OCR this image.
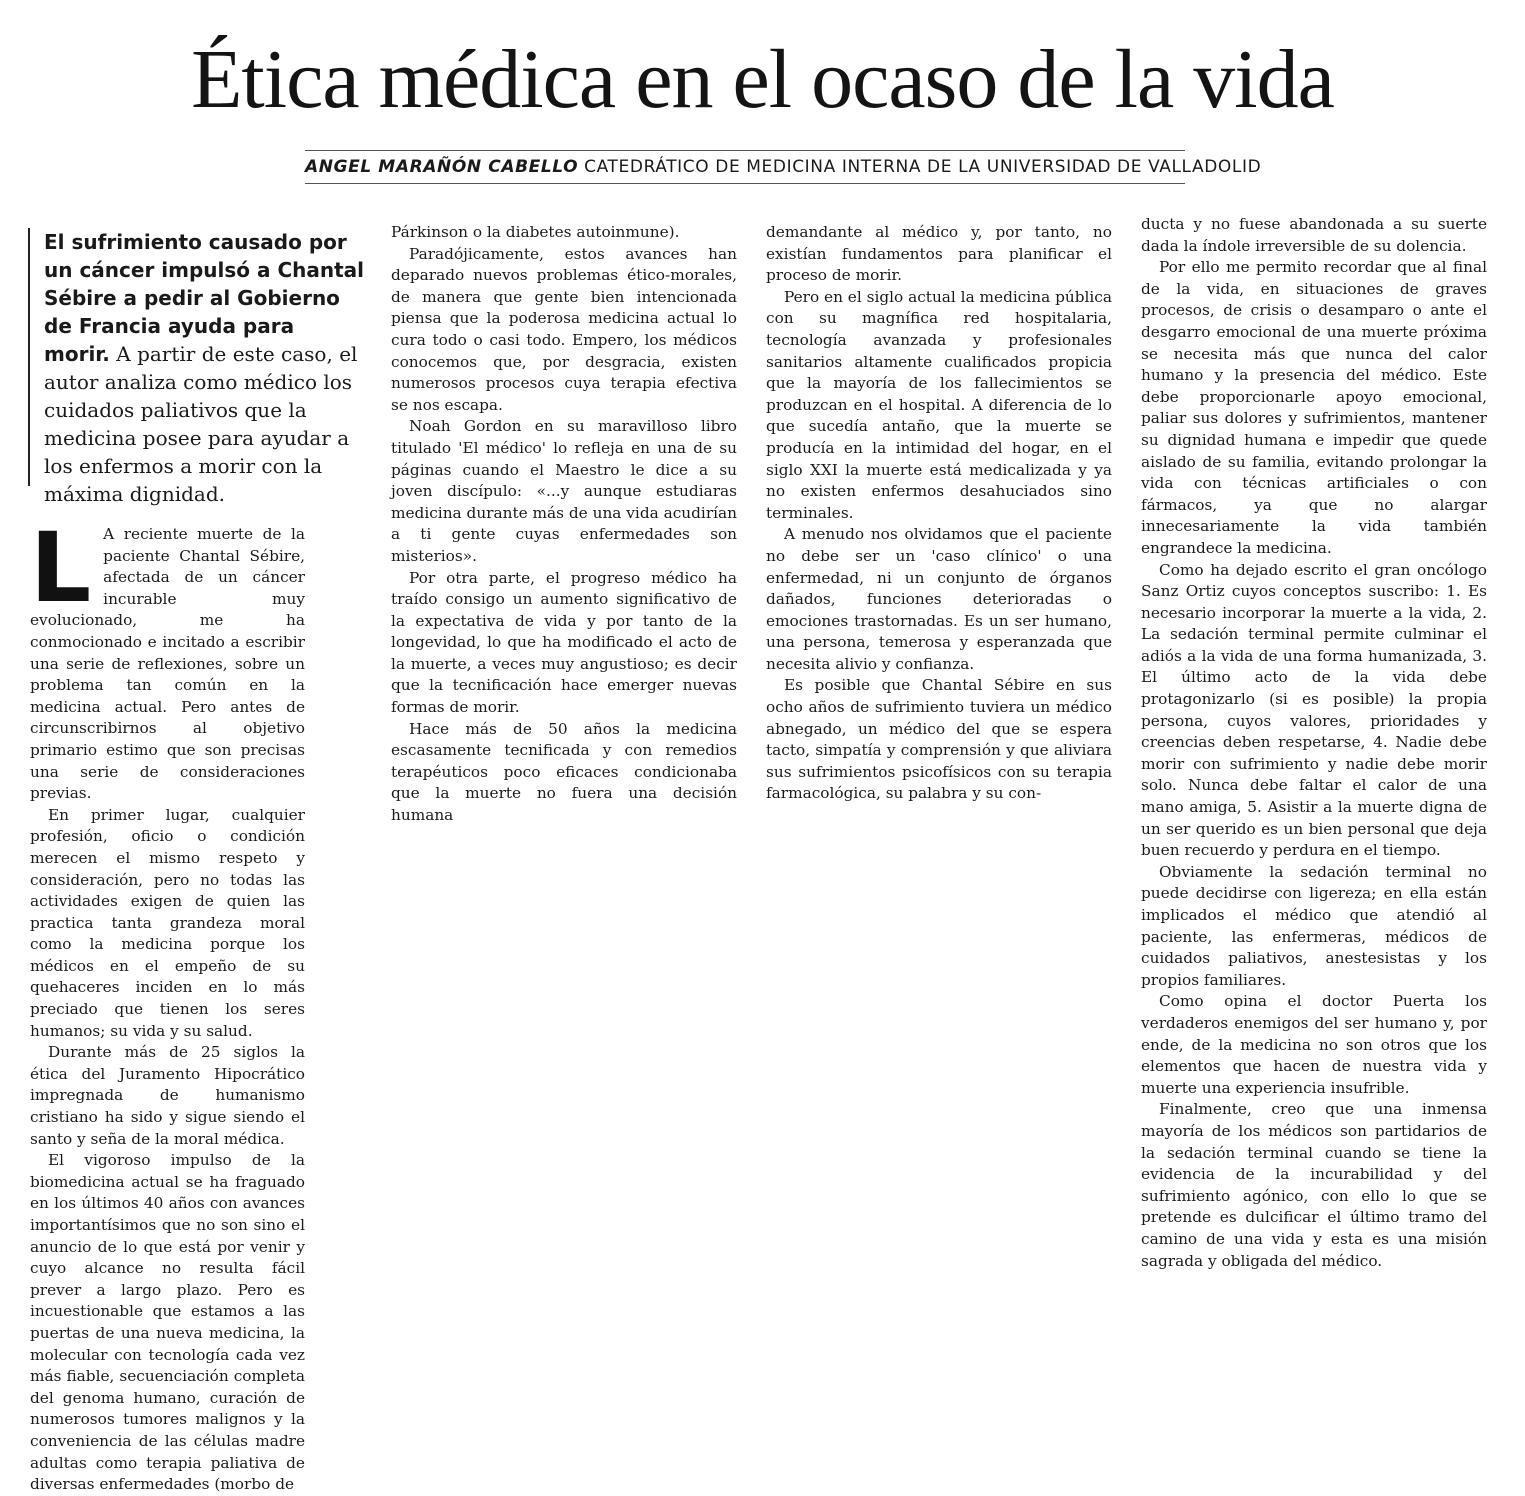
Ética médica en el ocaso de la vida
ANGEL MARAÑÓN CABELLO CATEDRÁTICO DE MEDICINA INTERNA DE LA UNIVERSIDAD DE VALLADOLID
El sufrimiento causado por un cáncer impulsó a Chantal Sébire a pedir al Gobierno de Francia ayuda para morir. A partir de este caso, el autor analiza como médico los cuidados paliativos que la medicina posee para ayudar a los enfermos a morir con la máxima dignidad.

L A reciente muerte de la paciente Chantal Sébire, afectada de un cáncer incurable muy evolucionado, me ha conmocionado e incitado a escribir una serie de reflexiones, sobre un problema tan común en la medicina actual. Pero antes de circunscribirnos al objetivo primario estimo que son precisas una serie de consideraciones previas.

En primer lugar, cualquier profesión, oficio o condición merecen el mismo respeto y consideración, pero no todas las actividades exigen de quien las practica tanta grandeza moral como la medicina porque los médicos en el empeño de su quehaceres inciden en lo más preciado que tienen los seres humanos; su vida y su salud.

Durante más de 25 siglos la ética del Juramento Hipocrático impregnada de humanismo cristiano ha sido y sigue siendo el santo y seña de la moral médica.

El vigoroso impulso de la biomedicina actual se ha fraguado en los últimos 40 años con avances importantísimos que no son sino el anuncio de lo que está por venir y cuyo alcance no resulta fácil prever a largo plazo. Pero es incuestionable que estamos a las puertas de una nueva medicina, la molecular con tecnología cada vez más fiable, secuenciación completa del genoma humano, curación de numerosos tumores malignos y la conveniencia de las células madre adultas como terapia paliativa de diversas enfermedades (morbo de

Párkinson o la diabetes autoinmune).

Paradójicamente, estos avances han deparado nuevos problemas ético-morales, de manera que gente bien intencionada piensa que la poderosa medicina actual lo cura todo o casi todo. Empero, los médicos conocemos que, por desgracia, existen numerosos procesos cuya terapia efectiva se nos escapa.

Noah Gordon en su maravilloso libro titulado 'El médico' lo refleja en una de su páginas cuando el Maestro le dice a su joven discípulo: «...y aunque estudiaras medicina durante más de una vida acudirían a ti gente cuyas enfermedades son misterios».

Por otra parte, el progreso médico ha traído consigo un aumento significativo de la expectativa de vida y por tanto de la longevidad, lo que ha modificado el acto de la muerte, a veces muy angustioso; es decir que la tecnificación hace emerger nuevas formas de morir.

Hace más de 50 años la medicina escasamente tecnificada y con remedios terapéuticos poco eficaces condicionaba que la muerte no fuera una decisión humana

demandante al médico y, por tanto, no existían fundamentos para planificar el proceso de morir.

Pero en el siglo actual la medicina pública con su magnífica red hospitalaria, tecnología avanzada y profesionales sanitarios altamente cualificados propicia que la mayoría de los fallecimientos se produzcan en el hospital. A diferencia de lo que sucedía antaño, que la muerte se producía en la intimidad del hogar, en el siglo XXI la muerte está medicalizada y ya no existen enfermos desahuciados sino terminales.

A menudo nos olvidamos que el paciente no debe ser un 'caso clínico' o una enfermedad, ni un conjunto de órganos dañados, funciones deterioradas o emociones trastornadas. Es un ser humano, una persona, temerosa y esperanzada que necesita alivio y confianza.

Es posible que Chantal Sébire en sus ocho años de sufrimiento tuviera un médico abnegado, un médico del que se espera tacto, simpatía y comprensión y que aliviara sus sufrimientos psicofísicos con su terapia farmacológica, su palabra y su con-

ducta y no fuese abandonada a su suerte dada la índole irreversible de su dolencia.

Por ello me permito recordar que al final de la vida, en situaciones de graves procesos, de crisis o desamparo o ante el desgarro emocional de una muerte próxima se necesita más que nunca del calor humano y la presencia del médico. Este debe proporcionarle apoyo emocional, paliar sus dolores y sufrimientos, mantener su dignidad humana e impedir que quede aislado de su familia, evitando prolongar la vida con técnicas artificiales o con fármacos, ya que no alargar innecesariamente la vida también engrandece la medicina.

Como ha dejado escrito el gran oncólogo Sanz Ortiz cuyos conceptos suscribo: 1. Es necesario incorporar la muerte a la vida, 2. La sedación terminal permite culminar el adiós a la vida de una forma humanizada, 3. El último acto de la vida debe protagonizarlo (si es posible) la propia persona, cuyos valores, prioridades y creencias deben respetarse, 4. Nadie debe morir con sufrimiento y nadie debe morir solo. Nunca debe faltar el calor de una mano amiga, 5. Asistir a la muerte digna de un ser querido es un bien personal que deja buen recuerdo y perdura en el tiempo.

Obviamente la sedación terminal no puede decidirse con ligereza; en ella están implicados el médico que atendió al paciente, las enfermeras, médicos de cuidados paliativos, anestesistas y los propios familiares.

Como opina el doctor Puerta los verdaderos enemigos del ser humano y, por ende, de la medicina no son otros que los elementos que hacen de nuestra vida y muerte una experiencia insufrible.

Finalmente, creo que una inmensa mayoría de los médicos son partidarios de la sedación terminal cuando se tiene la evidencia de la incurabilidad y del sufrimiento agónico, con ello lo que se pretende es dulcificar el último tramo del camino de una vida y esta es una misión sagrada y obligada del médico.
